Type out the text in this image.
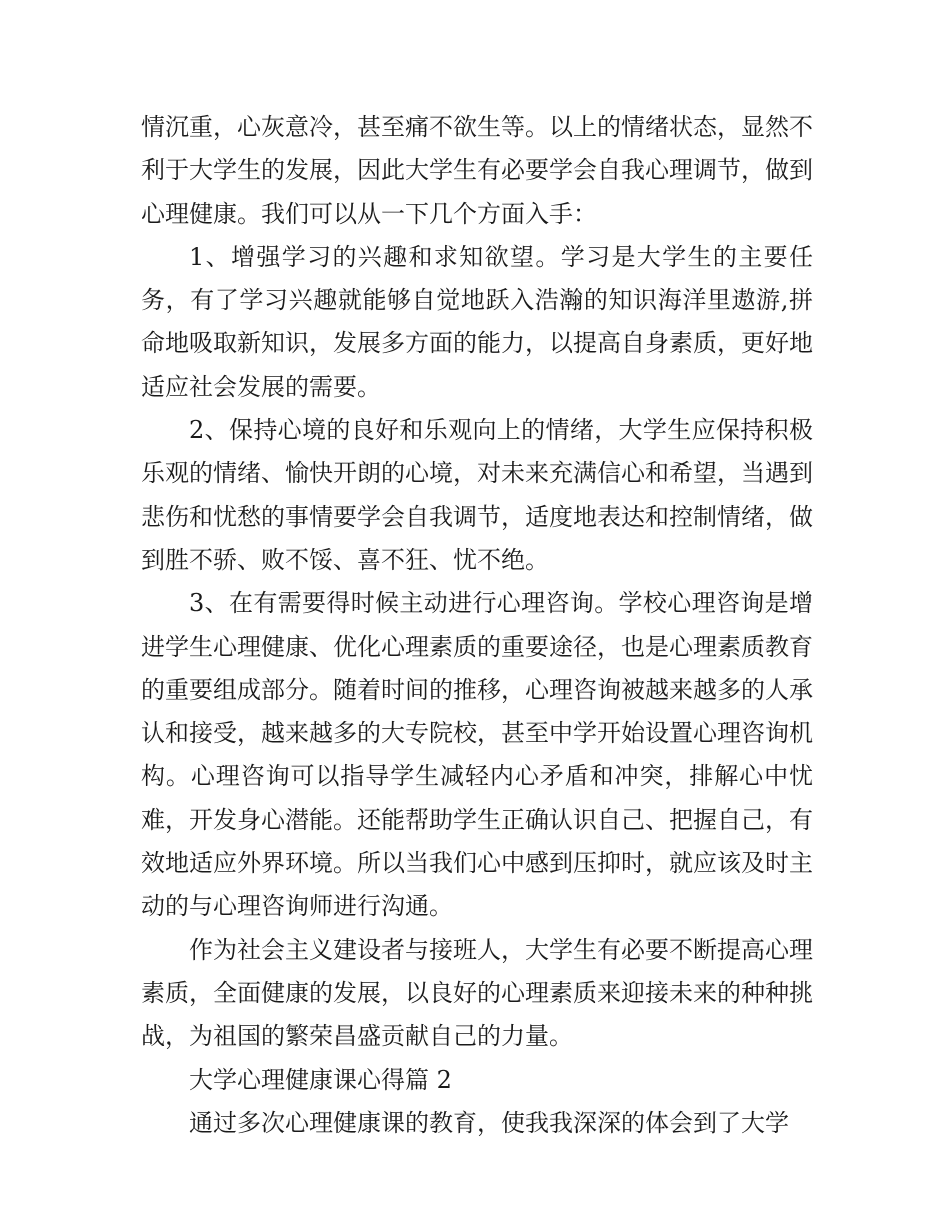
情沉重，心灰意冷，甚至痛不欲生等。以上的情绪状态，显然不利于大学生的发展，因此大学生有必要学会自我心理调节，做到心理健康。我们可以从一下几个方面入手：

1、增强学习的兴趣和求知欲望。学习是大学生的主要任务，有了学习兴趣就能够自觉地跃入浩瀚的知识海洋里遨游,拼命地吸取新知识，发展多方面的能力，以提高自身素质，更好地适应社会发展的需要。

2、保持心境的良好和乐观向上的情绪，大学生应保持积极乐观的情绪、愉快开朗的心境，对未来充满信心和希望，当遇到悲伤和忧愁的事情要学会自我调节，适度地表达和控制情绪，做到胜不骄、败不馁、喜不狂、忧不绝。

3、在有需要得时候主动进行心理咨询。学校心理咨询是增进学生心理健康、优化心理素质的重要途径，也是心理素质教育的重要组成部分。随着时间的推移，心理咨询被越来越多的人承认和接受，越来越多的大专院校，甚至中学开始设置心理咨询机构。心理咨询可以指导学生减轻内心矛盾和冲突，排解心中忧难，开发身心潜能。还能帮助学生正确认识自己、把握自己，有效地适应外界环境。所以当我们心中感到压抑时，就应该及时主动的与心理咨询师进行沟通。

作为社会主义建设者与接班人，大学生有必要不断提高心理素质，全面健康的发展，以良好的心理素质来迎接未来的种种挑战，为祖国的繁荣昌盛贡献自己的力量。

大学心理健康课心得篇 2

通过多次心理健康课的教育，使我我深深的体会到了大学
